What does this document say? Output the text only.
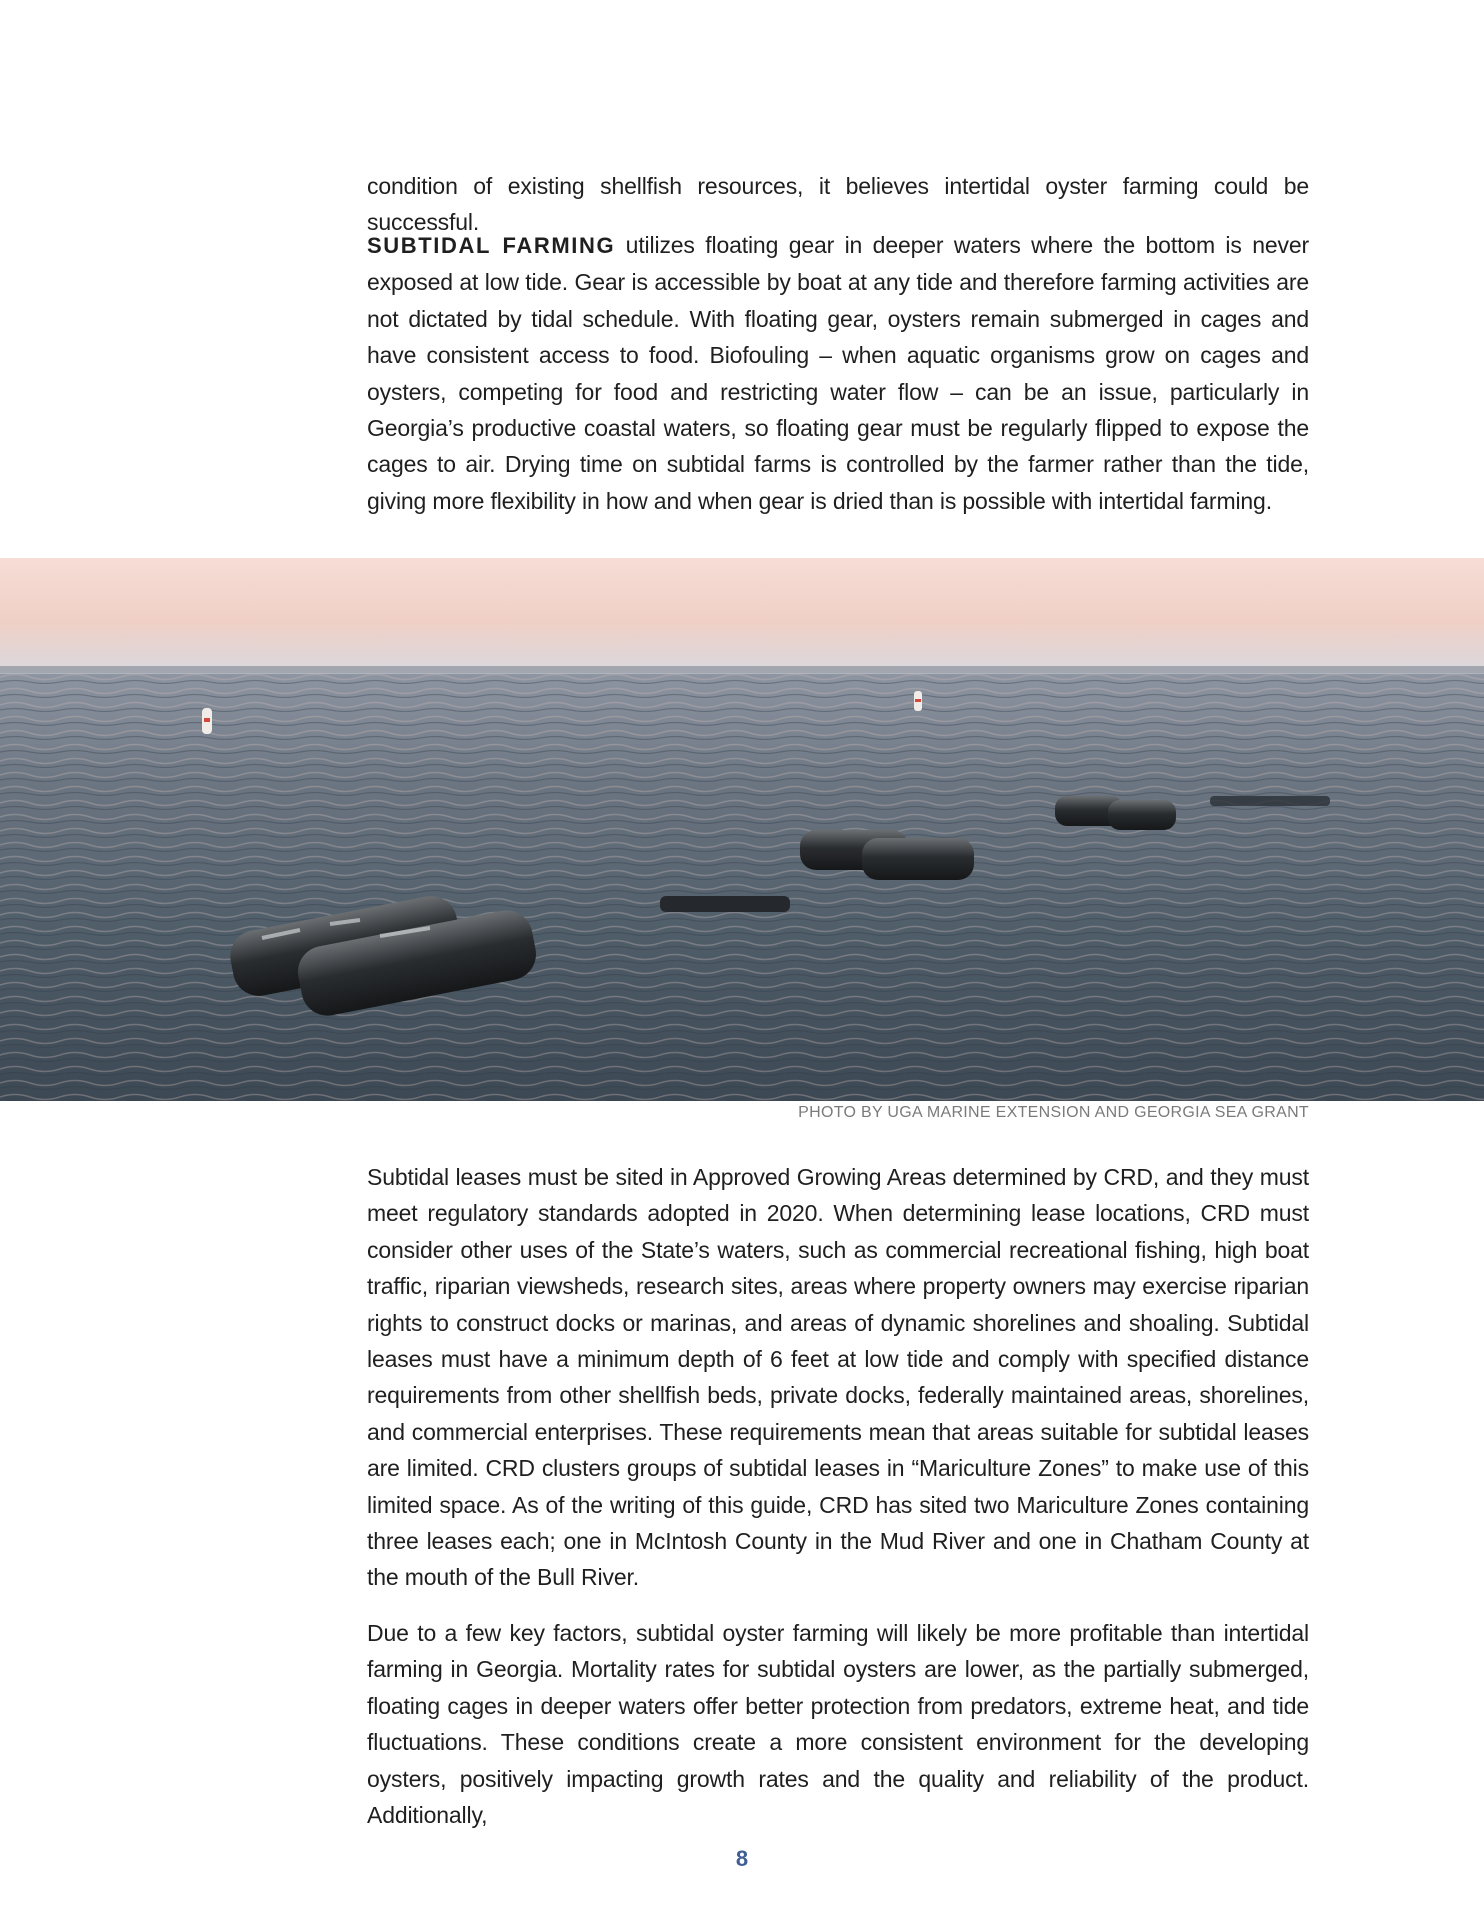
condition of existing shellfish resources, it believes intertidal oyster farming could be successful.

SUBTIDAL FARMING utilizes floating gear in deeper waters where the bottom is never exposed at low tide. Gear is accessible by boat at any tide and therefore farming activities are not dictated by tidal schedule. With floating gear, oysters remain submerged in cages and have consistent access to food. Biofouling – when aquatic organisms grow on cages and oysters, competing for food and restricting water flow – can be an issue, particularly in Georgia’s productive coastal waters, so floating gear must be regularly flipped to expose the cages to air. Drying time on subtidal farms is controlled by the farmer rather than the tide, giving more flexibility in how and when gear is dried than is possible with intertidal farming.

PHOTO BY UGA MARINE EXTENSION AND GEORGIA SEA GRANT

Subtidal leases must be sited in Approved Growing Areas determined by CRD, and they must meet regulatory standards adopted in 2020. When determining lease locations, CRD must consider other uses of the State’s waters, such as commercial recreational fishing, high boat traffic, riparian viewsheds, research sites, areas where property owners may exercise riparian rights to construct docks or marinas, and areas of dynamic shorelines and shoaling. Subtidal leases must have a minimum depth of 6 feet at low tide and comply with specified distance requirements from other shellfish beds, private docks, federally maintained areas, shorelines, and commercial enterprises. These requirements mean that areas suitable for subtidal leases are limited. CRD clusters groups of subtidal leases in “Mariculture Zones” to make use of this limited space. As of the writing of this guide, CRD has sited two Mariculture Zones containing three leases each; one in McIntosh County in the Mud River and one in Chatham County at the mouth of the Bull River.

Due to a few key factors, subtidal oyster farming will likely be more profitable than intertidal farming in Georgia. Mortality rates for subtidal oysters are lower, as the partially submerged, floating cages in deeper waters offer better protection from predators, extreme heat, and tide fluctuations. These conditions create a more consistent environment for the developing oysters, positively impacting growth rates and the quality and reliability of the product. Additionally,

8
